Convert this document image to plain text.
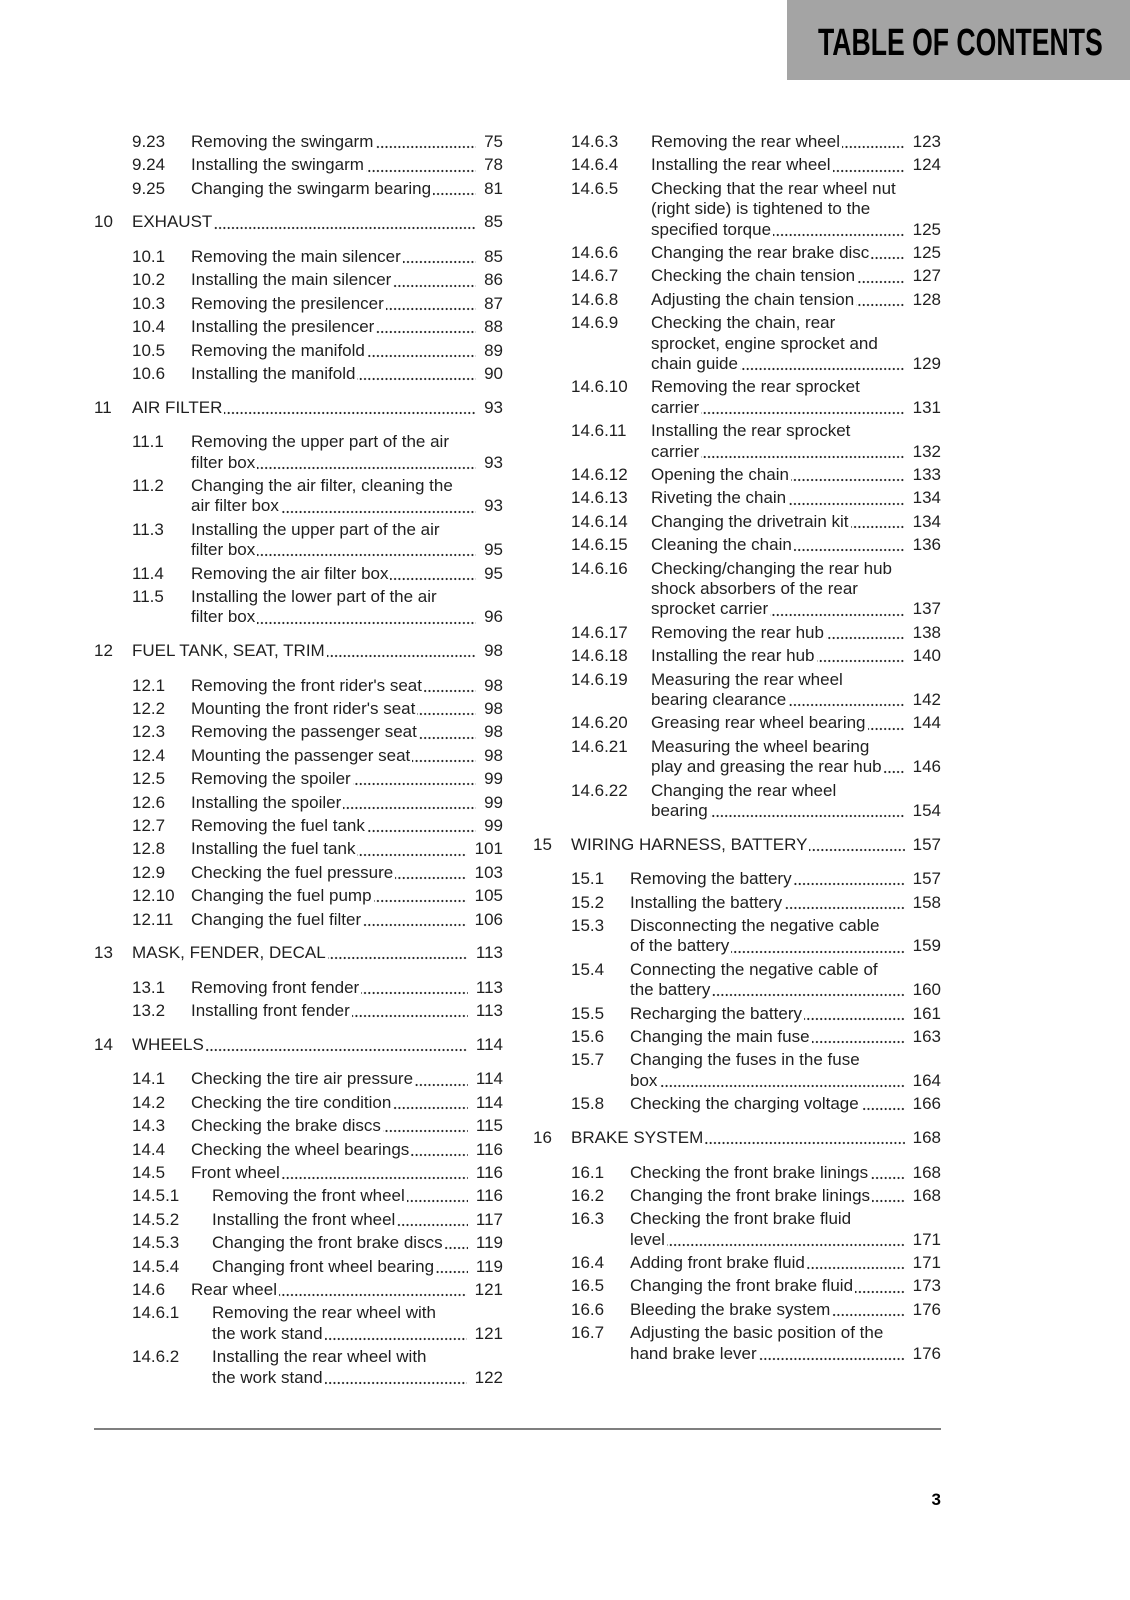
TABLE OF CONTENTS
9.23	Removing the swingarm	75
9.24	Installing the swingarm	78
9.25	Changing the swingarm bearing	81
10	EXHAUST	85
10.1	Removing the main silencer	85
10.2	Installing the main silencer	86
10.3	Removing the presilencer	87
10.4	Installing the presilencer	88
10.5	Removing the manifold	89
10.6	Installing the manifold	90
11	AIR FILTER	93
11.1	Removing the upper part of the air
filter box	93
11.2	Changing the air filter, cleaning the
air filter box	93
11.3	Installing the upper part of the air
filter box	95
11.4	Removing the air filter box	95
11.5	Installing the lower part of the air
filter box	96
12	FUEL TANK, SEAT, TRIM	98
12.1	Removing the front rider's seat	98
12.2	Mounting the front rider's seat	98
12.3	Removing the passenger seat	98
12.4	Mounting the passenger seat	98
12.5	Removing the spoiler	99
12.6	Installing the spoiler	99
12.7	Removing the fuel tank	99
12.8	Installing the fuel tank	101
12.9	Checking the fuel pressure	103
12.10 Changing the fuel pump	105
12.11	Changing the fuel filter	106
13	MASK, FENDER, DECAL	113
13.1	Removing front fender	113
13.2	Installing front fender	113
14	WHEELS	114
14.1	Checking the tire air pressure	114
14.2	Checking the tire condition	114
14.3	Checking the brake discs	115
14.4	Checking the wheel bearings	116
14.5	Front wheel	116
14.5.1	Removing the front wheel	116
14.5.2	Installing the front wheel	117
14.5.3	Changing the front brake discs	119
14.5.4	Changing front wheel bearing	119
14.6	Rear wheel	121
14.6.1	Removing the rear wheel with
the work stand	121
14.6.2	Installing the rear wheel with
the work stand	122
14.6.3	Removing the rear wheel	123
14.6.4	Installing the rear wheel	124
14.6.5	Checking that the rear wheel nut
(right side) is tightened to the
specified torque	125
14.6.6	Changing the rear brake disc	125
14.6.7	Checking the chain tension	127
14.6.8	Adjusting the chain tension	128
14.6.9	Checking the chain, rear
sprocket, engine sprocket and
chain guide	129
14.6.10	Removing the rear sprocket
carrier	131
14.6.11	Installing the rear sprocket
carrier	132
14.6.12	Opening the chain	133
14.6.13	Riveting the chain	134
14.6.14	Changing the drivetrain kit	134
14.6.15	Cleaning the chain	136
14.6.16	Checking/changing the rear hub
shock absorbers of the rear
sprocket carrier	137
14.6.17	Removing the rear hub	138
14.6.18	Installing the rear hub	140
14.6.19	Measuring the rear wheel
bearing clearance	142
14.6.20	Greasing rear wheel bearing	144
14.6.21	Measuring the wheel bearing
play and greasing the rear hub	146
14.6.22	Changing the rear wheel
bearing	154
15	WIRING HARNESS, BATTERY	157
15.1	Removing the battery	157
15.2	Installing the battery	158
15.3	Disconnecting the negative cable
of the battery	159
15.4	Connecting the negative cable of
the battery	160
15.5	Recharging the battery	161
15.6	Changing the main fuse	163
15.7	Changing the fuses in the fuse
box	164
15.8	Checking the charging voltage	166
16	BRAKE SYSTEM	168
16.1	Checking the front brake linings	168
16.2	Changing the front brake linings	168
16.3	Checking the front brake fluid
level	171
16.4	Adding front brake fluid	171
16.5	Changing the front brake fluid	173
16.6	Bleeding the brake system	176
16.7	Adjusting the basic position of the
hand brake lever	176
3
